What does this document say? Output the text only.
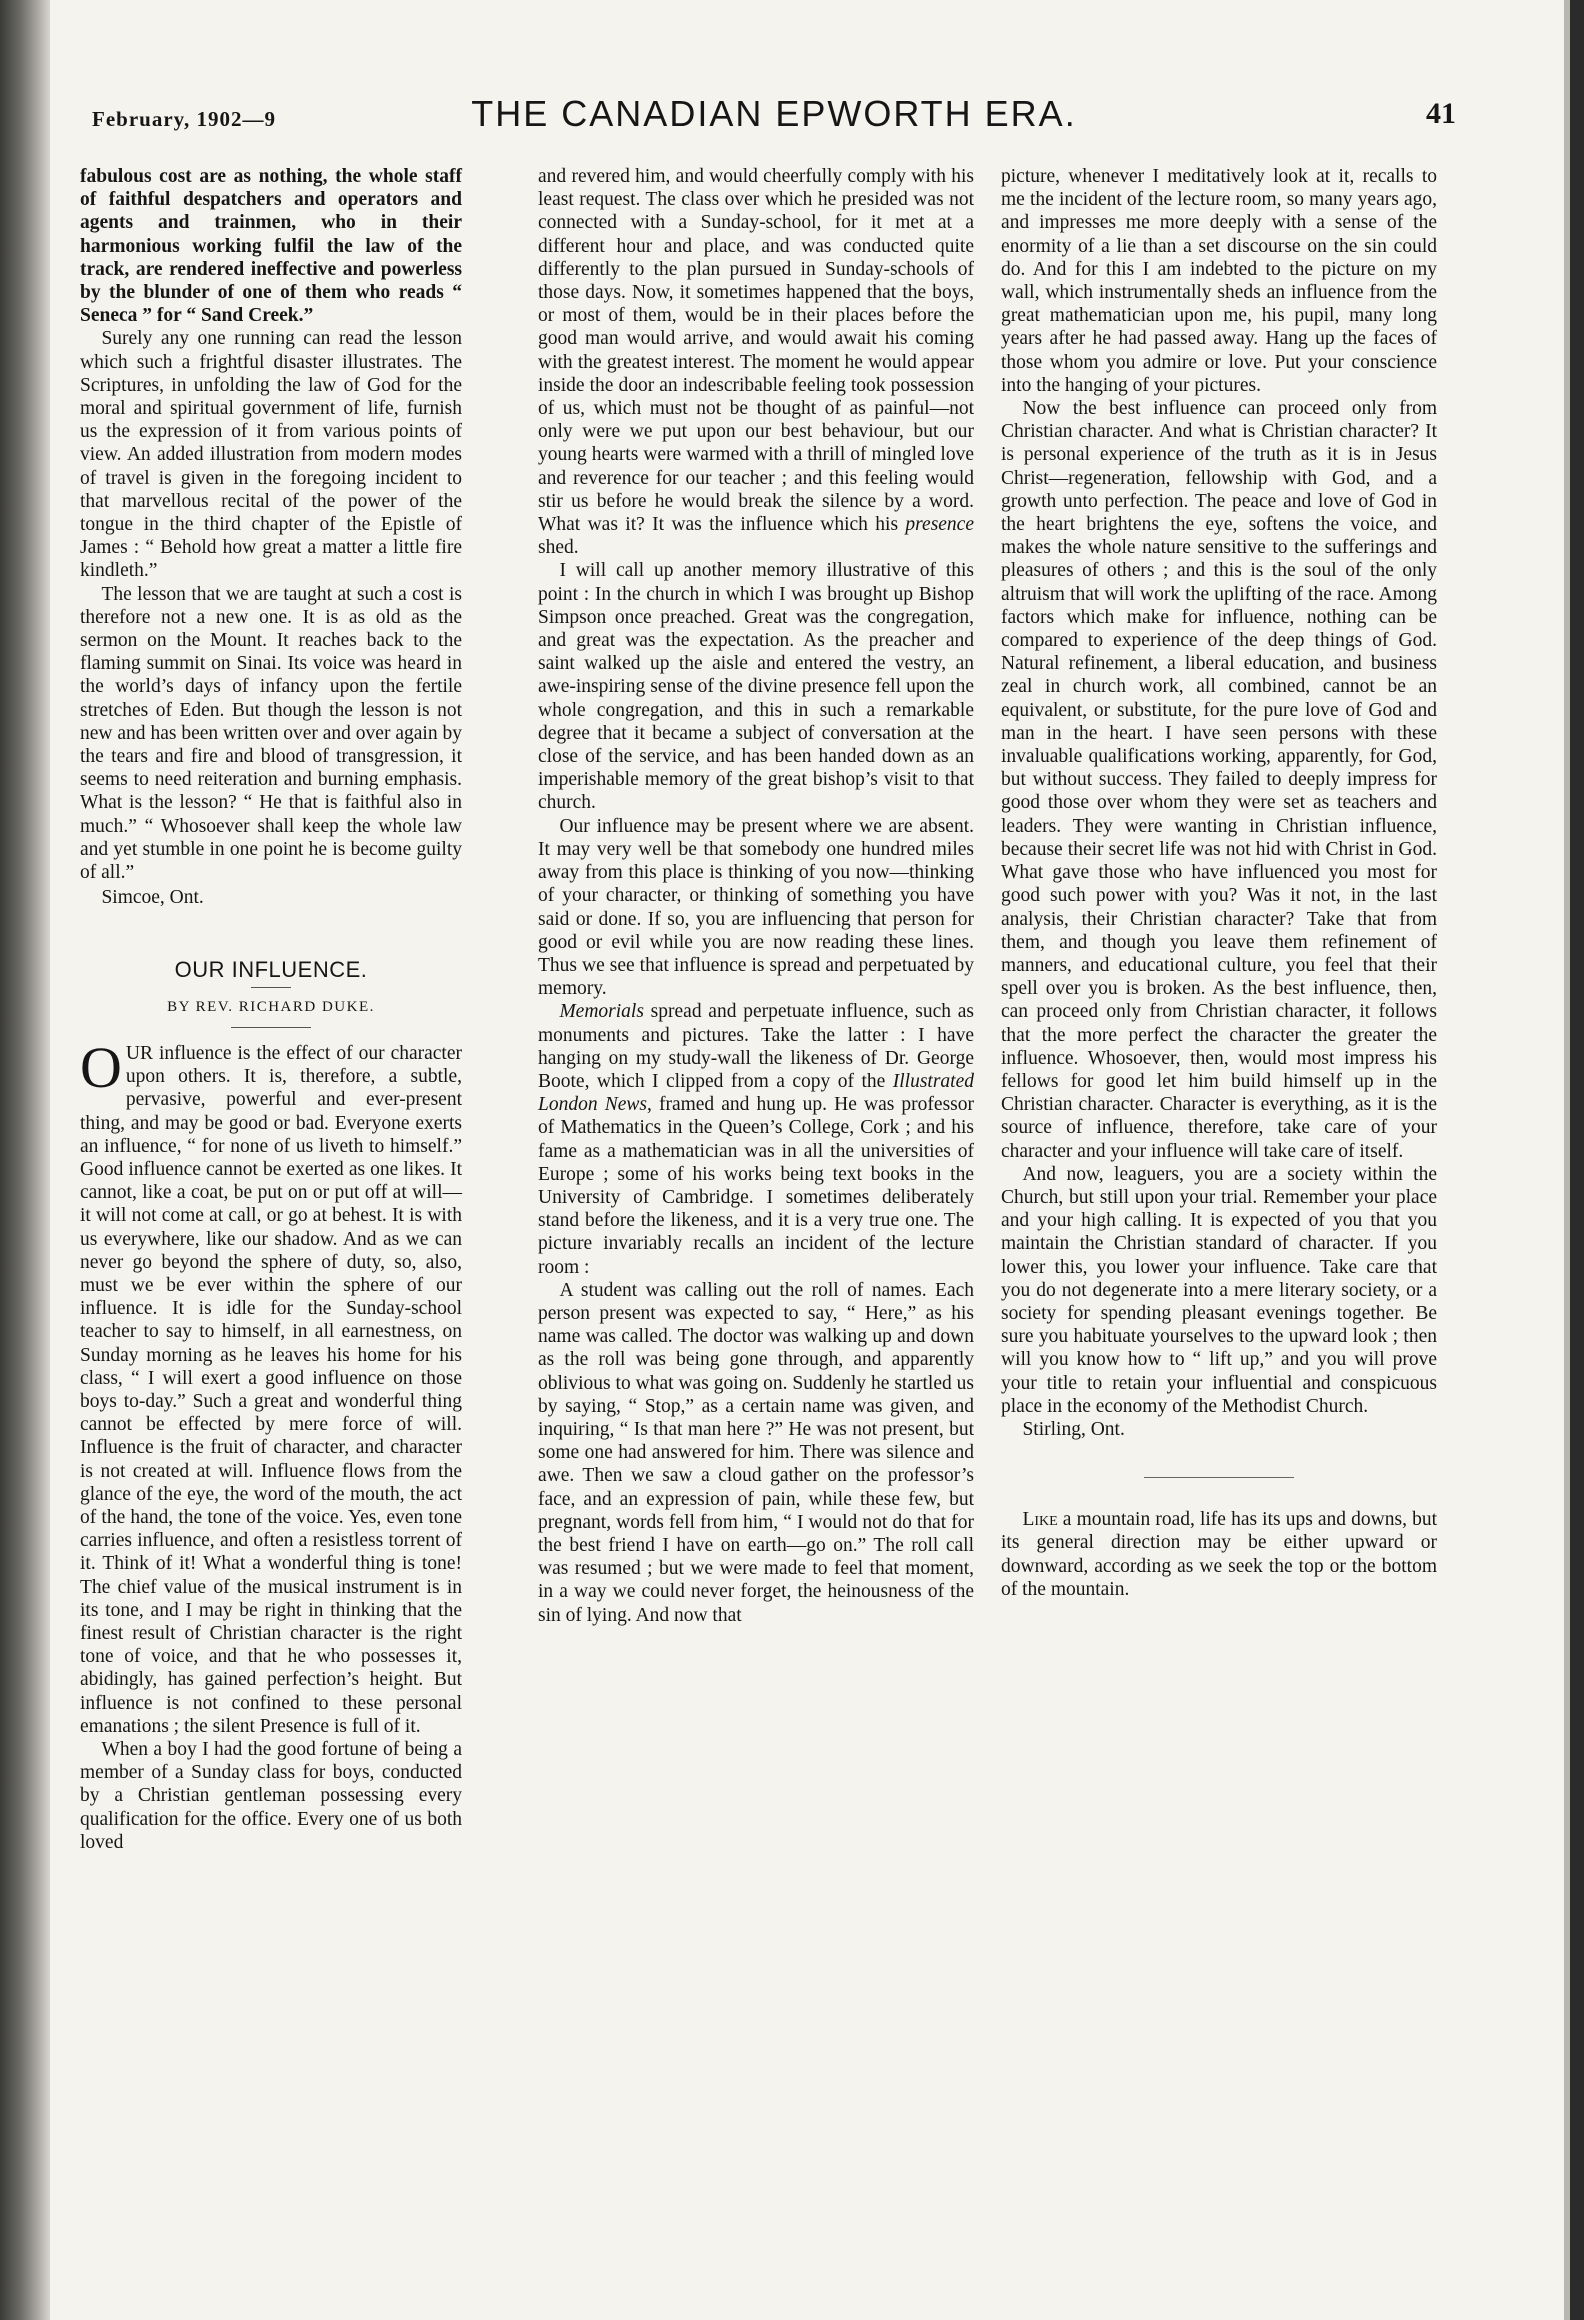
February, 1902—9	THE CANADIAN EPWORTH ERA.	41

fabulous cost are as nothing, the whole staff of faithful despatchers and operators and agents and trainmen, who in their harmonious working fulfil the law of the track, are rendered ineffective and powerless by the blunder of one of them who reads “ Seneca ” for “ Sand Creek.”

Surely any one running can read the lesson which such a frightful disaster illustrates. The Scriptures, in unfolding the law of God for the moral and spiritual government of life, furnish us the expression of it from various points of view. An added illustration from modern modes of travel is given in the foregoing incident to that marvellous recital of the power of the tongue in the third chapter of the Epistle of James : “ Behold how great a matter a little fire kindleth.”

The lesson that we are taught at such a cost is therefore not a new one. It is as old as the sermon on the Mount. It reaches back to the flaming summit on Sinai. Its voice was heard in the world’s days of infancy upon the fertile stretches of Eden. But though the lesson is not new and has been written over and over again by the tears and fire and blood of transgression, it seems to need reiteration and burning emphasis. What is the lesson? “ He that is faithful also in much.” “ Whosoever shall keep the whole law and yet stumble in one point he is become guilty of all.”

Simcoe, Ont.

OUR INFLUENCE.
BY REV. RICHARD DUKE.

OUR influence is the effect of our character upon others. It is, therefore, a subtle, pervasive, powerful and ever-present thing, and may be good or bad. Everyone exerts an influence, “ for none of us liveth to himself.” Good influence cannot be exerted as one likes. It cannot, like a coat, be put on or put off at will—it will not come at call, or go at behest. It is with us everywhere, like our shadow. And as we can never go beyond the sphere of duty, so, also, must we be ever within the sphere of our influence. It is idle for the Sunday-school teacher to say to himself, in all earnestness, on Sunday morning as he leaves his home for his class, “ I will exert a good influence on those boys to-day.” Such a great and wonderful thing cannot be effected by mere force of will. Influence is the fruit of character, and character is not created at will. Influence flows from the glance of the eye, the word of the mouth, the act of the hand, the tone of the voice. Yes, even tone carries influence, and often a resistless torrent of it. Think of it! What a wonderful thing is tone! The chief value of the musical instrument is in its tone, and I may be right in thinking that the finest result of Christian character is the right tone of voice, and that he who possesses it, abidingly, has gained perfection’s height. But influence is not confined to these personal emanations ; the silent Presence is full of it.

When a boy I had the good fortune of being a member of a Sunday class for boys, conducted by a Christian gentleman possessing every qualification for the office. Every one of us both loved

and revered him, and would cheerfully comply with his least request. The class over which he presided was not connected with a Sunday-school, for it met at a different hour and place, and was conducted quite differently to the plan pursued in Sunday-schools of those days. Now, it sometimes happened that the boys, or most of them, would be in their places before the good man would arrive, and would await his coming with the greatest interest. The moment he would appear inside the door an indescribable feeling took possession of us, which must not be thought of as painful—not only were we put upon our best behaviour, but our young hearts were warmed with a thrill of mingled love and reverence for our teacher ; and this feeling would stir us before he would break the silence by a word. What was it? It was the influence which his presence shed.

I will call up another memory illustrative of this point : In the church in which I was brought up Bishop Simpson once preached. Great was the congregation, and great was the expectation. As the preacher and saint walked up the aisle and entered the vestry, an awe-inspiring sense of the divine presence fell upon the whole congregation, and this in such a remarkable degree that it became a subject of conversation at the close of the service, and has been handed down as an imperishable memory of the great bishop’s visit to that church.

Our influence may be present where we are absent. It may very well be that somebody one hundred miles away from this place is thinking of you now—thinking of your character, or thinking of something you have said or done. If so, you are influencing that person for good or evil while you are now reading these lines. Thus we see that influence is spread and perpetuated by memory.

Memorials spread and perpetuate influence, such as monuments and pictures. Take the latter : I have hanging on my study-wall the likeness of Dr. George Boote, which I clipped from a copy of the Illustrated London News, framed and hung up. He was professor of Mathematics in the Queen’s College, Cork ; and his fame as a mathematician was in all the universities of Europe ; some of his works being text books in the University of Cambridge. I sometimes deliberately stand before the likeness, and it is a very true one. The picture invariably recalls an incident of the lecture room :

A student was calling out the roll of names. Each person present was expected to say, “ Here,” as his name was called. The doctor was walking up and down as the roll was being gone through, and apparently oblivious to what was going on. Suddenly he startled us by saying, “ Stop,” as a certain name was given, and inquiring, “ Is that man here ?” He was not present, but some one had answered for him. There was silence and awe. Then we saw a cloud gather on the professor’s face, and an expression of pain, while these few, but pregnant, words fell from him, “ I would not do that for the best friend I have on earth—go on.” The roll call was resumed ; but we were made to feel that moment, in a way we could never forget, the heinousness of the sin of lying. And now that

picture, whenever I meditatively look at it, recalls to me the incident of the lecture room, so many years ago, and impresses me more deeply with a sense of the enormity of a lie than a set discourse on the sin could do. And for this I am indebted to the picture on my wall, which instrumentally sheds an influence from the great mathematician upon me, his pupil, many long years after he had passed away. Hang up the faces of those whom you admire or love. Put your conscience into the hanging of your pictures.

Now the best influence can proceed only from Christian character. And what is Christian character? It is personal experience of the truth as it is in Jesus Christ—regeneration, fellowship with God, and a growth unto perfection. The peace and love of God in the heart brightens the eye, softens the voice, and makes the whole nature sensitive to the sufferings and pleasures of others ; and this is the soul of the only altruism that will work the uplifting of the race. Among factors which make for influence, nothing can be compared to experience of the deep things of God. Natural refinement, a liberal education, and business zeal in church work, all combined, cannot be an equivalent, or substitute, for the pure love of God and man in the heart. I have seen persons with these invaluable qualifications working, apparently, for God, but without success. They failed to deeply impress for good those over whom they were set as teachers and leaders. They were wanting in Christian influence, because their secret life was not hid with Christ in God. What gave those who have influenced you most for good such power with you? Was it not, in the last analysis, their Christian character? Take that from them, and though you leave them refinement of manners, and educational culture, you feel that their spell over you is broken. As the best influence, then, can proceed only from Christian character, it follows that the more perfect the character the greater the influence. Whosoever, then, would most impress his fellows for good let him build himself up in the Christian character. Character is everything, as it is the source of influence, therefore, take care of your character and your influence will take care of itself.

And now, leaguers, you are a society within the Church, but still upon your trial. Remember your place and your high calling. It is expected of you that you maintain the Christian standard of character. If you lower this, you lower your influence. Take care that you do not degenerate into a mere literary society, or a society for spending pleasant evenings together. Be sure you habituate yourselves to the upward look ; then will you know how to “ lift up,” and you will prove your title to retain your influential and conspicuous place in the economy of the Methodist Church.

Stirling, Ont.

Like a mountain road, life has its ups and downs, but its general direction may be either upward or downward, according as we seek the top or the bottom of the mountain.
